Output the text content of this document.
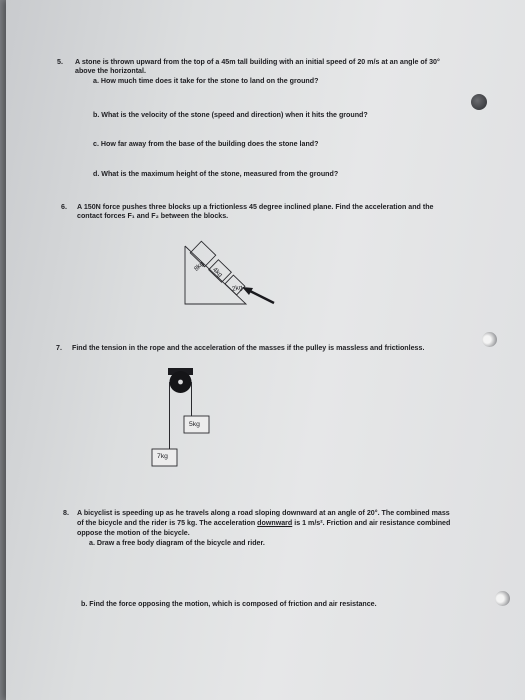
5. A stone is thrown upward from the top of a 45m tall building with an initial speed of 20 m/s at an angle of 30°
above the horizontal.
a. How much time does it take for the stone to land on the ground?
b. What is the velocity of the stone (speed and direction) when it hits the ground?
c. How far away from the base of the building does the stone land?
d. What is the maximum height of the stone, measured from the ground?
6. A 150N force pushes three blocks up a frictionless 45 degree inclined plane. Find the acceleration and the
contact forces F₁ and F₂ between the blocks.
8kg 4kg
2kg
7. Find the tension in the rope and the acceleration of the masses if the pulley is massless and frictionless.
5kg
7kg
8. A bicyclist is speeding up as he travels along a road sloping downward at an angle of 20°. The combined mass
of the bicycle and the rider is 75 kg. The acceleration downward is 1 m/s². Friction and air resistance combined
oppose the motion of the bicycle.
a. Draw a free body diagram of the bicycle and rider.
b. Find the force opposing the motion, which is composed of friction and air resistance.
